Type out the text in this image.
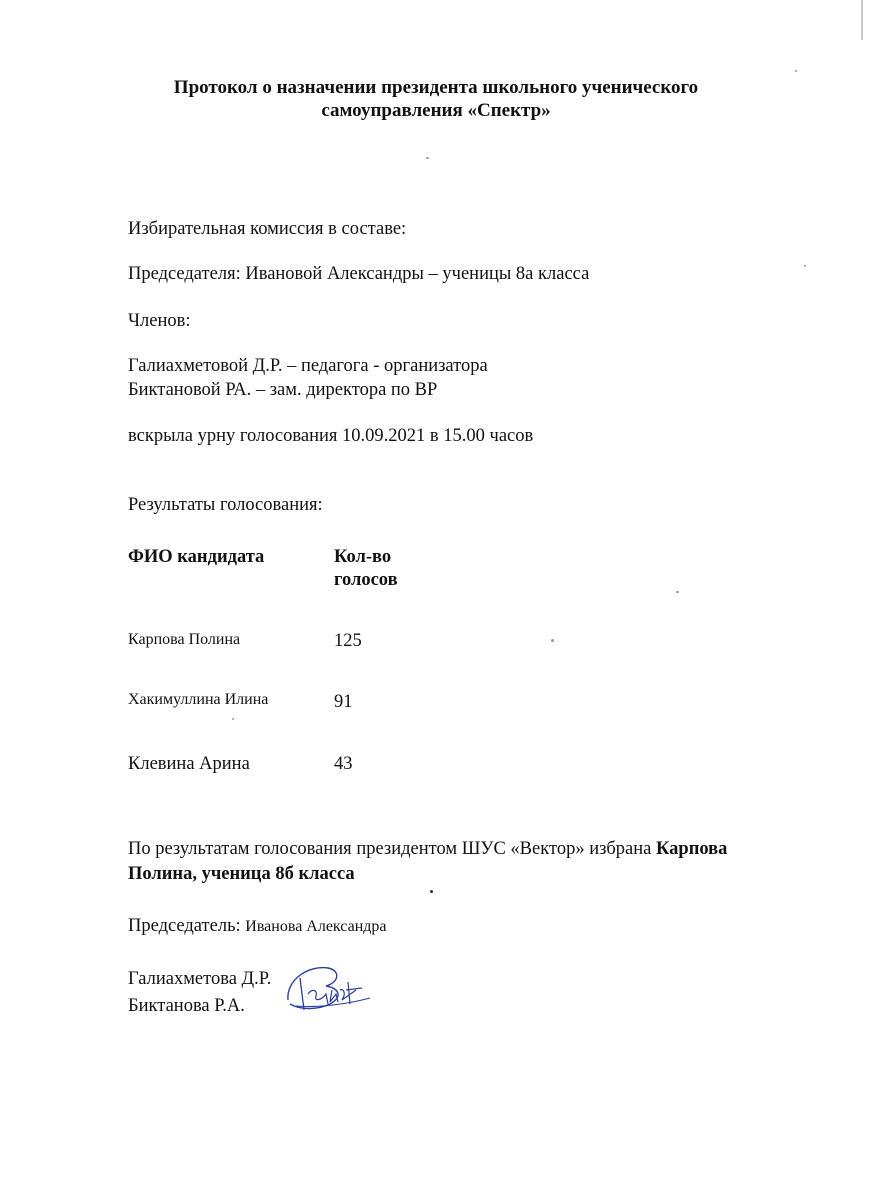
Протокол о назначении президента школьного ученического
самоуправления «Спектр»
Избирательная комиссия в составе:
Председателя: Ивановой Александры – ученицы 8а класса
Членов:
Галиахметовой Д.Р. – педагога - организатора
Биктановой РА. – зам. директора по ВР
вскрыла урну голосования 10.09.2021 в 15.00 часов
Результаты голосования:
ФИО кандидата	Кол-во
голосов
Карпова Полина	125
Хакимуллина Илина	91
Клевина Арина	43
По результатам голосования президентом ШУС «Вектор» избрана Карпова
Полина, ученица 8б класса
Председатель: Иванова Александра
Галиахметова Д.Р.
Биктанова Р.А.
